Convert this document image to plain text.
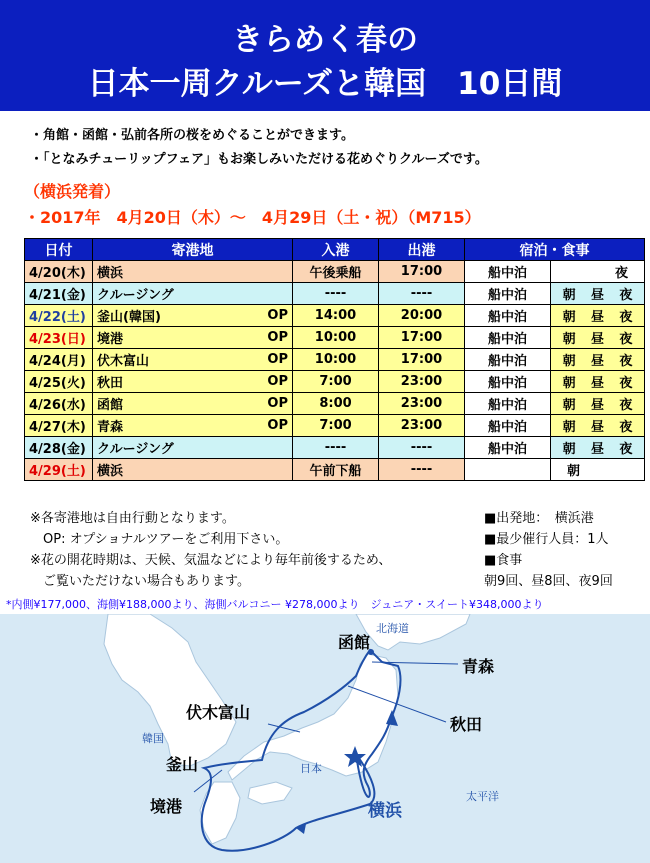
きらめく春の
日本一周クルーズと韓国　10日間
・角館・函館・弘前各所の桜をめぐることができます。
・「となみチューリップフェア」もお楽しみいただける花めぐりクルーズです。
（横浜発着）
・2017年　4月20日（木）～　4月29日（土・祝）（M715）
日付	寄港地	入港	出港	宿泊・食事	
4/20(木)	横浜	午後乗船	17:00	船中泊	夜

4/21(金)	クルージング	----	----	船中泊	朝 昼 夜

4/22(土)	釜山(韓国) OP	14:00	20:00	船中泊	朝 昼 夜

4/23(日)	境港 OP	10:00	17:00	船中泊	朝 昼 夜

4/24(月)	伏木富山 OP	10:00	17:00	船中泊	朝 昼 夜

4/25(火)	秋田 OP	7:00	23:00	船中泊	朝 昼 夜

4/26(水)	函館 OP	8:00	23:00	船中泊	朝 昼 夜

4/27(木)	青森 OP	7:00	23:00	船中泊	朝 昼 夜

4/28(金)	クルージング	----	----	船中泊	朝 昼 夜

4/29(土)	横浜	午前下船	----		朝
※各寄港地は自由行動となります。
　OP: オプショナルツアーをご利用下さい。
※花の開花時期は、天候、気温などにより毎年前後するため、
　ご覧いただけない場合もあります。
■出発地：　横浜港
■最少催行人員：1人
■食事
朝9回、昼8回、夜9回
*内側¥177,000、海側¥188,000より、海側バルコニー ¥278,000より　ジュニア・スイート¥348,000より
北海道
韓国
日本
太平洋
函館
青森
秋田
伏木富山
釜山
境港	横浜
